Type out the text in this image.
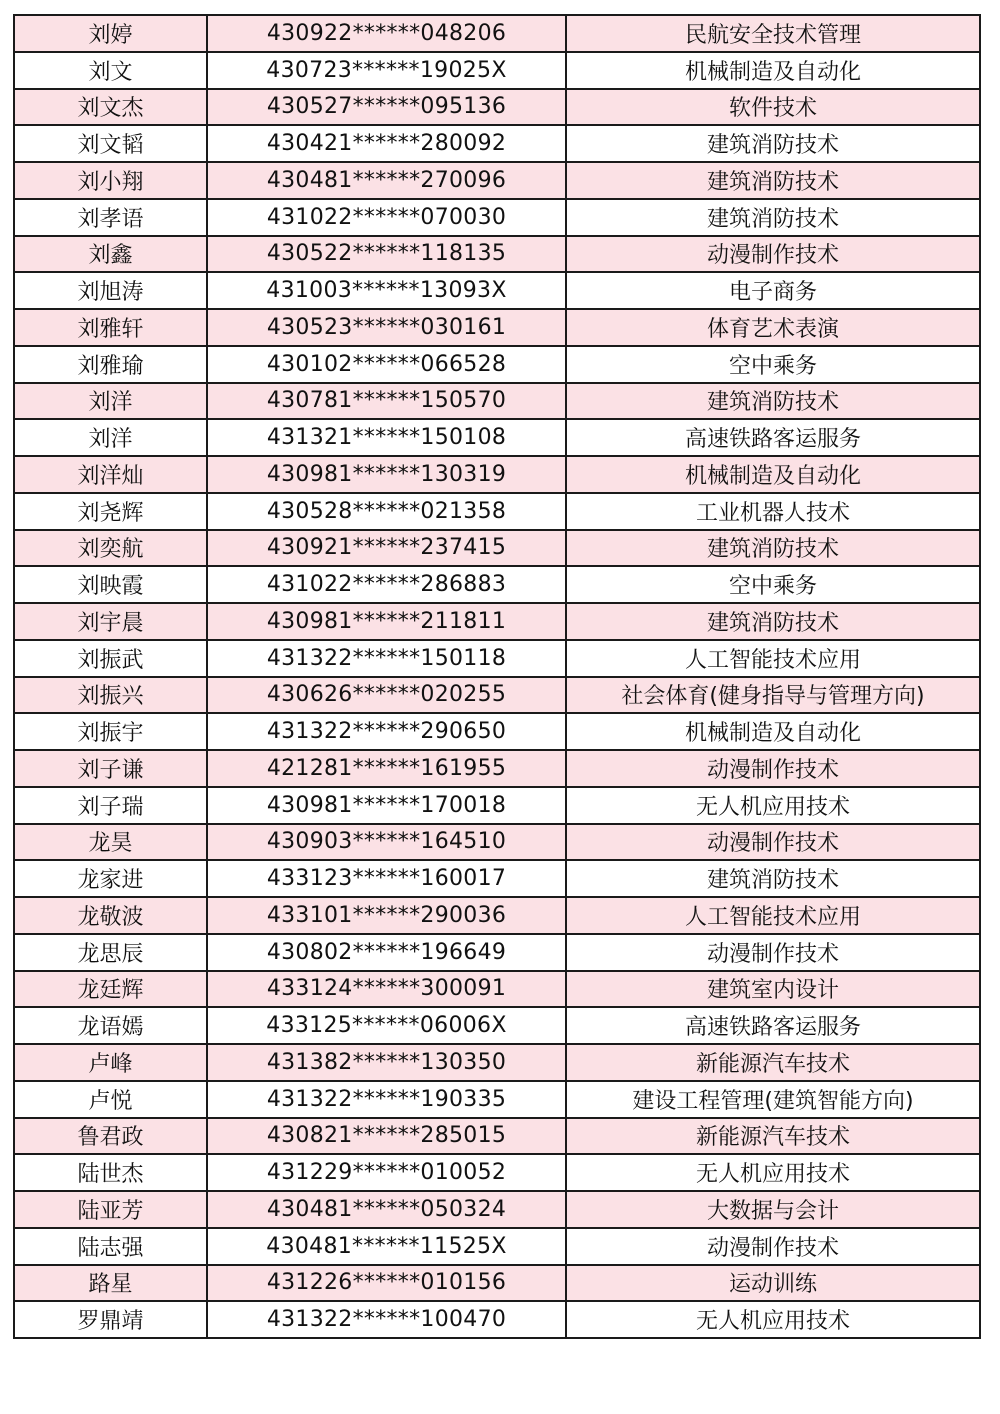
刘婷	430922******048206	民航安全技术管理
刘文	430723******19025X	机械制造及自动化
刘文杰	430527******095136	软件技术
刘文韬	430421******280092	建筑消防技术
刘小翔	430481******270096	建筑消防技术
刘孝语	431022******070030	建筑消防技术
刘鑫	430522******118135	动漫制作技术
刘旭涛	431003******13093X	电子商务
刘雅轩	430523******030161	体育艺术表演
刘雅瑜	430102******066528	空中乘务
刘洋	430781******150570	建筑消防技术
刘洋	431321******150108	高速铁路客运服务
刘洋灿	430981******130319	机械制造及自动化
刘尧辉	430528******021358	工业机器人技术
刘奕航	430921******237415	建筑消防技术
刘映霞	431022******286883	空中乘务
刘宇晨	430981******211811	建筑消防技术
刘振武	431322******150118	人工智能技术应用
刘振兴	430626******020255	社会体育(健身指导与管理方向)
刘振宇	431322******290650	机械制造及自动化
刘子谦	421281******161955	动漫制作技术
刘子瑞	430981******170018	无人机应用技术
龙昊	430903******164510	动漫制作技术
龙家进	433123******160017	建筑消防技术
龙敬波	433101******290036	人工智能技术应用
龙思辰	430802******196649	动漫制作技术
龙廷辉	433124******300091	建筑室内设计
龙语嫣	433125******06006X	高速铁路客运服务
卢峰	431382******130350	新能源汽车技术
卢悦	431322******190335	建设工程管理(建筑智能方向)
鲁君政	430821******285015	新能源汽车技术
陆世杰	431229******010052	无人机应用技术
陆亚芳	430481******050324	大数据与会计
陆志强	430481******11525X	动漫制作技术
路星	431226******010156	运动训练
罗鼎靖	431322******100470	无人机应用技术
